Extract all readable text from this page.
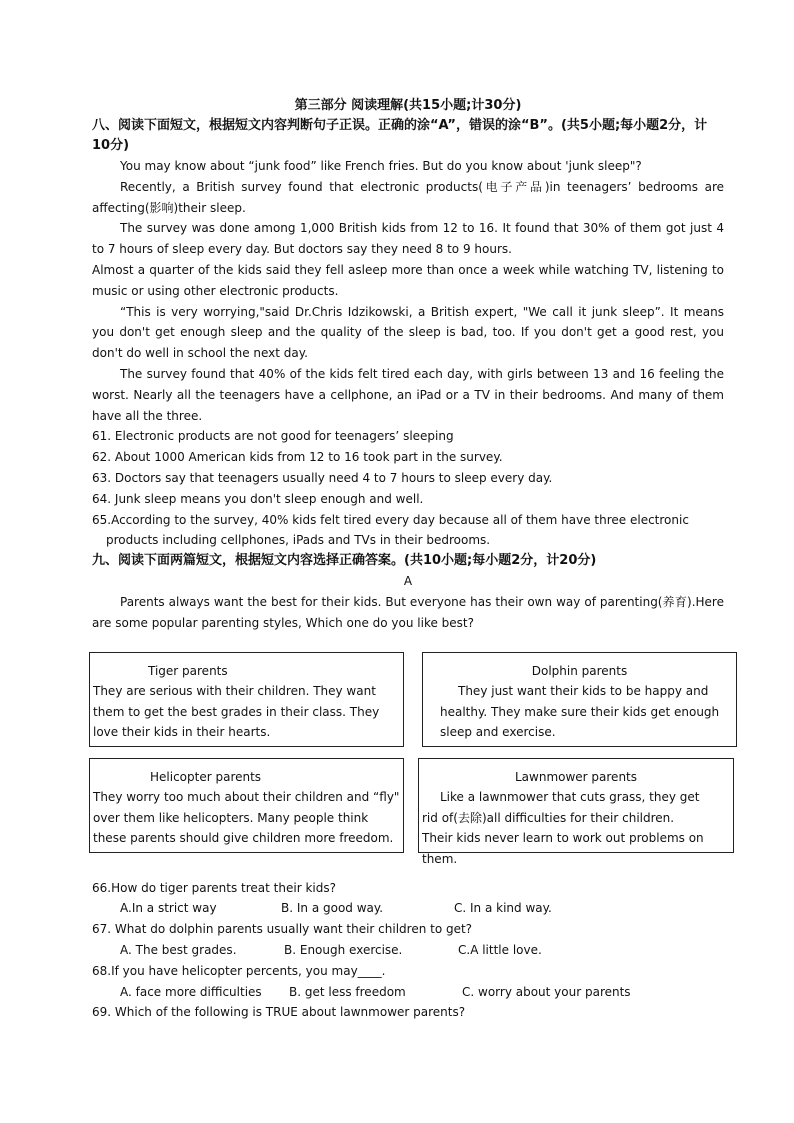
第三部分 阅读理解(共15小题;计30分)
八、阅读下面短文，根据短文内容判断句子正误。正确的涂“A”，错误的涂“B”。(共5小题;每小题2分，计10分)

You may know about “junk food” like French fries. But do you know about 'junk sleep"?

Recently, a British survey found that electronic products(电子产品)in teenagers’ bedrooms are affecting(影响)their sleep.

The survey was done among 1,000 British kids from 12 to 16. It found that 30% of them got just 4 to 7 hours of sleep every day. But doctors say they need 8 to 9 hours.

Almost a quarter of the kids said they fell asleep more than once a week while watching TV, listening to music or using other electronic products.

“This is very worrying,"said Dr.Chris Idzikowski, a British expert, "We call it junk sleep”. It means you don't get enough sleep and the quality of the sleep is bad, too. If you don't get a good rest, you don't do well in school the next day.

The survey found that 40% of the kids felt tired each day, with girls between 13 and 16 feeling the worst. Nearly all the teenagers have a cellphone, an iPad or a TV in their bedrooms. And many of them have all the three.

61. Electronic products are not good for teenagers’ sleeping

62. About 1000 American kids from 12 to 16 took part in the survey.

63. Doctors say that teenagers usually need 4 to 7 hours to sleep every day.

64. Junk sleep means you don't sleep enough and well.

65.According to the survey, 40% kids felt tired every day because all of them have three electronic products including cellphones, iPads and TVs in their bedrooms.

九、阅读下面两篇短文，根据短文内容选择正确答案。(共10小题;每小题2分，计20分)
A

Parents always want the best for their kids. But everyone has their own way of parenting(养育).Here are some popular parenting styles, Which one do you like best?

Tiger parents
They are serious with their children. They want them to get the best grades in their class. They love their kids in their hearts.
Dolphin parents
They just want their kids to be happy and healthy. They make sure their kids get enough sleep and exercise.
Helicopter parents
They worry too much about their children and “fly" over them like helicopters. Many people think these parents should give children more freedom.
Lawnmower parents
Like a lawnmower that cuts grass, they get rid of(去除)all difficulties for their children. Their kids never learn to work out problems on them.

66.How do tiger parents treat their kids?

A.In a strict way	B. In a good way.	C. In a kind way.

67. What do dolphin parents usually want their children to get?

A. The best grades.	B. Enough exercise.	C.A little love.

68.If you have helicopter percents, you may____.

A. face more difficulties	B. get less freedom	C. worry about your parents

69. Which of the following is TRUE about lawnmower parents?
